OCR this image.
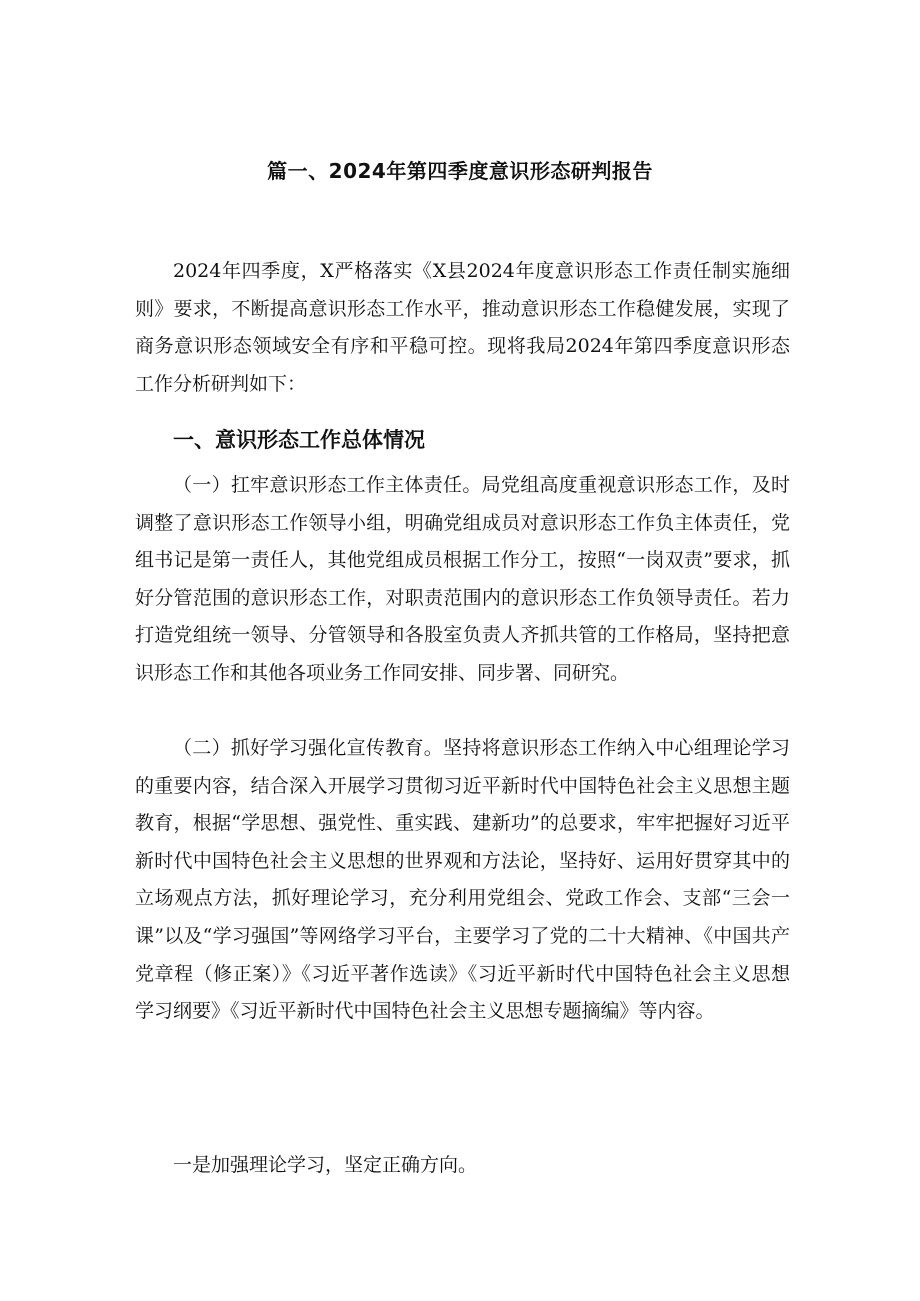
篇一、2024年第四季度意识形态研判报告

2024年四季度，X严格落实《X县2024年度意识形态工作责任制实施细则》要求，不断提高意识形态工作水平，推动意识形态工作稳健发展，实现了商务意识形态领域安全有序和平稳可控。现将我局2024年第四季度意识形态工作分析研判如下：

一、意识形态工作总体情况

（一）扛牢意识形态工作主体责任。局党组高度重视意识形态工作，及时调整了意识形态工作领导小组，明确党组成员对意识形态工作负主体责任，党组书记是第一责任人，其他党组成员根据工作分工，按照“一岗双责”要求，抓好分管范围的意识形态工作，对职责范围内的意识形态工作负领导责任。若力打造党组统一领导、分管领导和各股室负责人齐抓共管的工作格局，坚持把意识形态工作和其他各项业务工作同安排、同步署、同研究。

（二）抓好学习强化宣传教育。坚持将意识形态工作纳入中心组理论学习的重要内容，结合深入开展学习贯彻习近平新时代中国特色社会主义思想主题教育，根据“学思想、强党性、重实践、建新功”的总要求，牢牢把握好习近平新时代中国特色社会主义思想的世界观和方法论，坚持好、运用好贯穿其中的立场观点方法，抓好理论学习，充分利用党组会、党政工作会、支部“三会一课”以及“学习强国”等网络学习平台，主要学习了党的二十大精神、《中国共产党章程（修正案）》《习近平著作选读》《习近平新时代中国特色社会主义思想学习纲要》《习近平新时代中国特色社会主义思想专题摘编》等内容。

一是加强理论学习，坚定正确方向。
